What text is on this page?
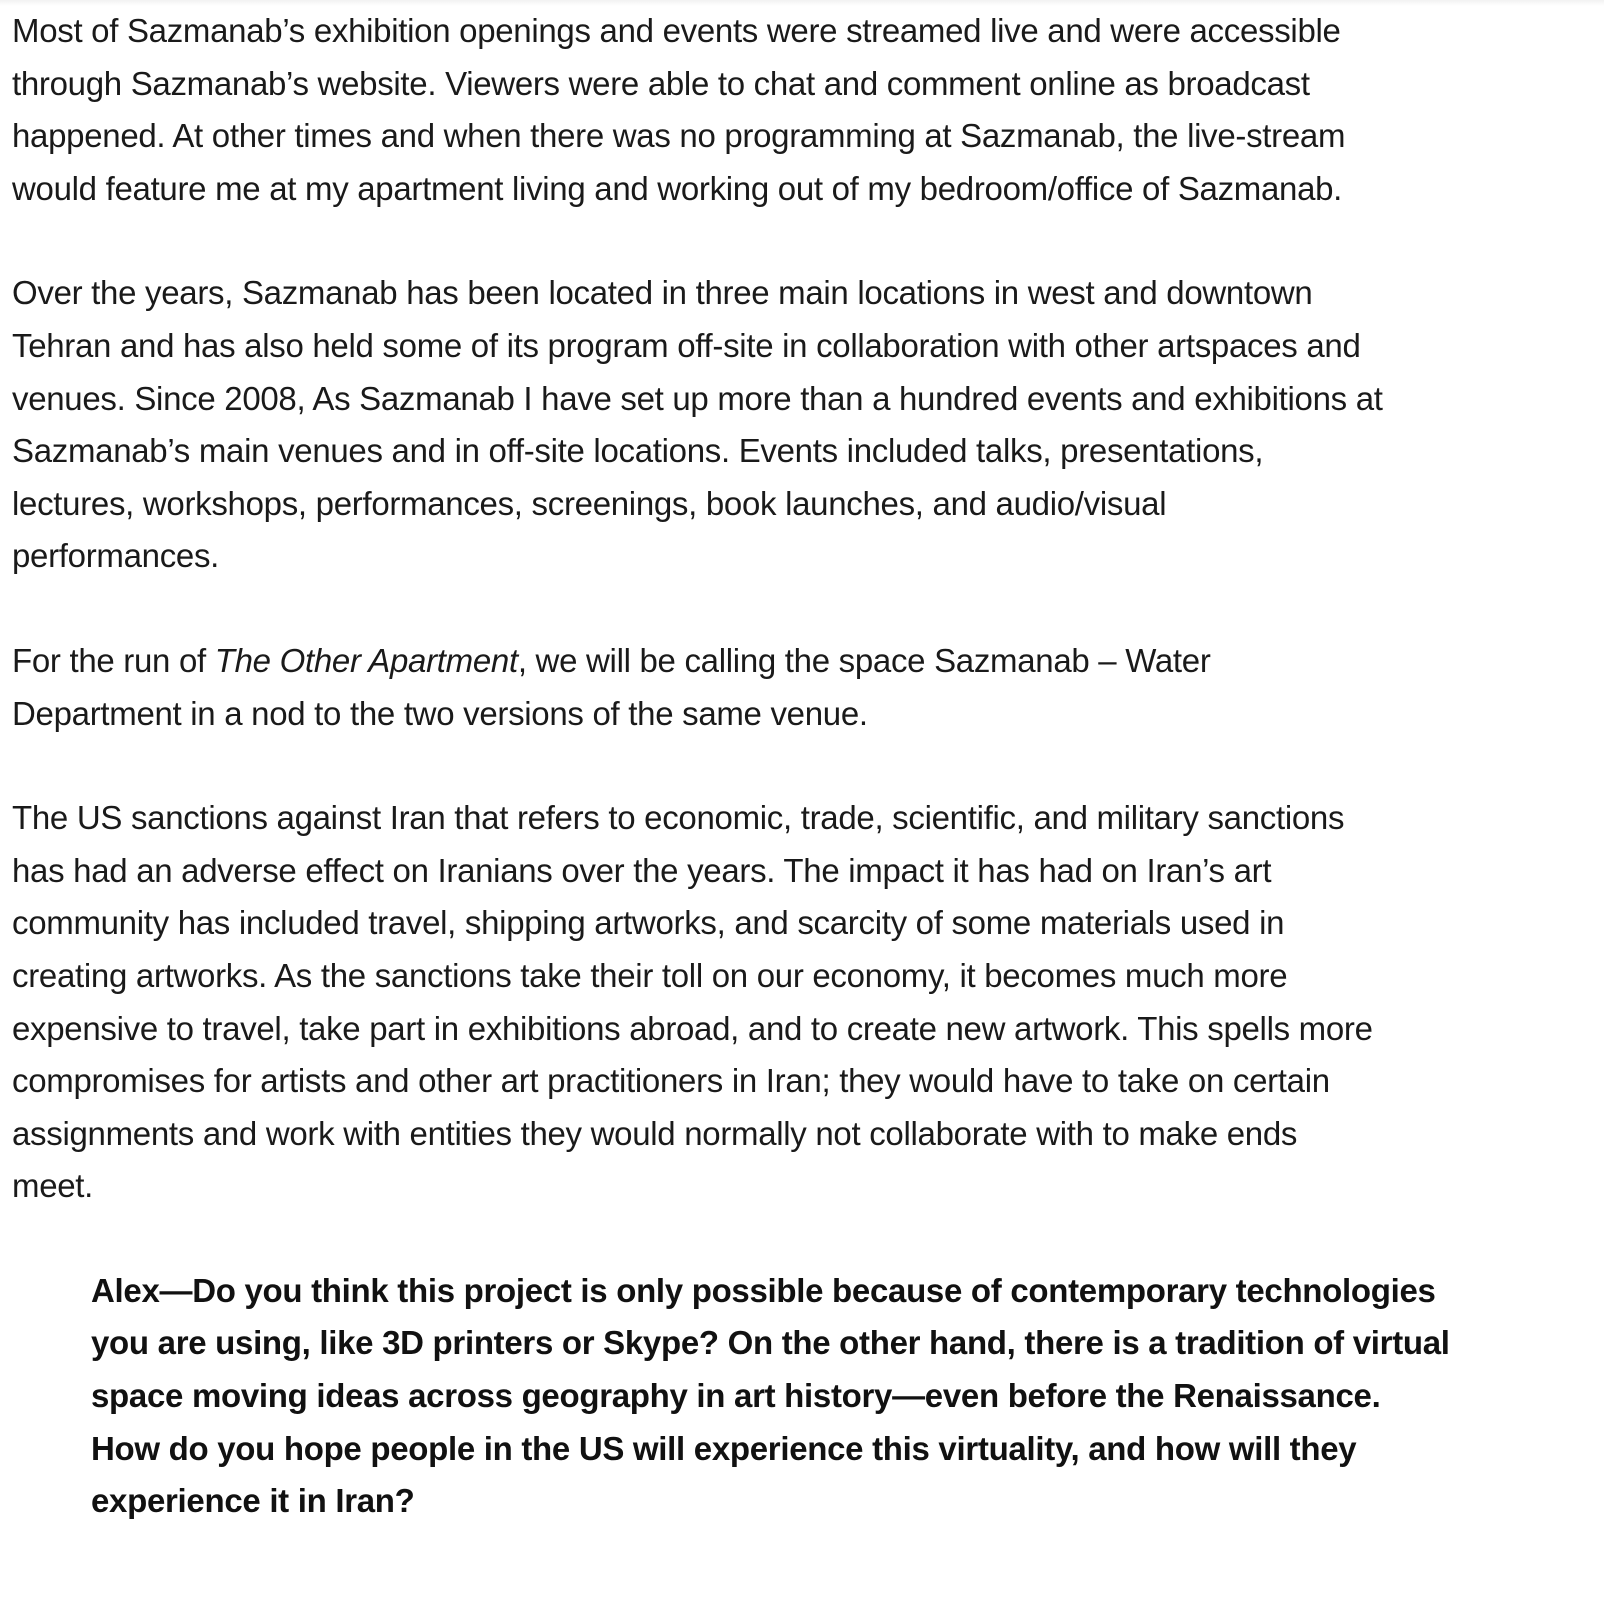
Most of Sazmanab’s exhibition openings and events were streamed live and were accessible
through Sazmanab’s website. Viewers were able to chat and comment online as broadcast
happened. At other times and when there was no programming at Sazmanab, the live-stream
would feature me at my apartment living and working out of my bedroom/office of Sazmanab.

Over the years, Sazmanab has been located in three main locations in west and downtown
Tehran and has also held some of its program off-site in collaboration with other artspaces and
venues. Since 2008, As Sazmanab I have set up more than a hundred events and exhibitions at
Sazmanab’s main venues and in off-site locations. Events included talks, presentations,
lectures, workshops, performances, screenings, book launches, and audio/visual
performances.

For the run of The Other Apartment, we will be calling the space Sazmanab – Water
Department in a nod to the two versions of the same venue.

The US sanctions against Iran that refers to economic, trade, scientific, and military sanctions
has had an adverse effect on Iranians over the years. The impact it has had on Iran’s art
community has included travel, shipping artworks, and scarcity of some materials used in
creating artworks. As the sanctions take their toll on our economy, it becomes much more
expensive to travel, take part in exhibitions abroad, and to create new artwork. This spells more
compromises for artists and other art practitioners in Iran; they would have to take on certain
assignments and work with entities they would normally not collaborate with to make ends
meet.

Alex—Do you think this project is only possible because of contemporary technologies
you are using, like 3D printers or Skype? On the other hand, there is a tradition of virtual
space moving ideas across geography in art history—even before the Renaissance.
How do you hope people in the US will experience this virtuality, and how will they
experience it in Iran?
